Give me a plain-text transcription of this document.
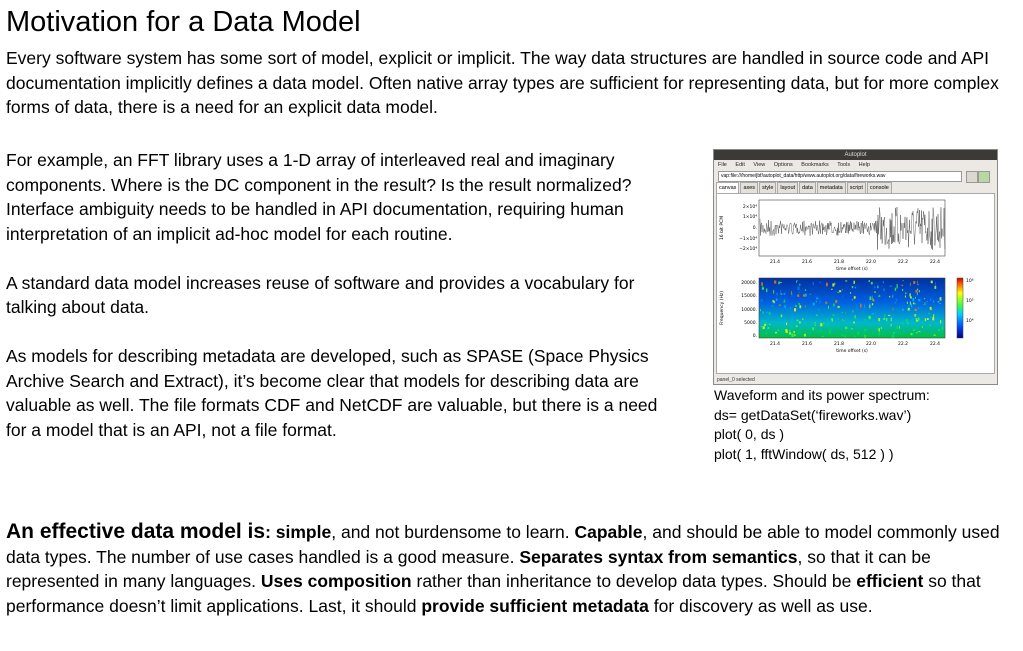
Motivation for a Data Model

Every software system has some sort of model, explicit or implicit. The way data structures are handled in source code and API documentation implicitly defines a data model. Often native array types are sufficient for representing data, but for more complex forms of data, there is a need for an explicit data model.

For example, an FFT library uses a 1-D array of interleaved real and imaginary components. Where is the DC component in the result? Is the result normalized? Interface ambiguity needs to be handled in API documentation, requiring human interpretation of an implicit ad-hoc model for each routine.

A standard data model increases reuse of software and provides a vocabulary for talking about data.

As models for describing metadata are developed, such as SPASE (Space Physics Archive Search and Extract), it’s become clear that models for describing data are valuable as well. The file formats CDF and NetCDF are valuable, but there is a need for a model that is an API, not a file format.

Autoplot
File Edit View Options Bookmarks Tools Help
vap:file:///home/jbf/autoplot_data/http/www.autoplot.org/data/fireworks.wav
canvas axes style layout data metadata script console
16 bit PCM
2×10⁴
1×10⁴
0.
−1×10⁴
−2×10⁴
21.4	21.6	21.8	22.0	22.2	22.4
time offset (s)
Frequency (Hz)
20000.
15000.
10000.
5000.
0.
21.4	21.6	21.8	22.0	22.2	22.4
time offset (s)
10⁶
10⁵
10⁴
panel_0 selected
Waveform and its power spectrum:
ds= getDataSet(‘fireworks.wav’)
plot( 0, ds )
plot( 1, fftWindow( ds, 512 ) )

An effective data model is: simple, and not burdensome to learn. Capable, and should be able to model commonly used data types. The number of use cases handled is a good measure. Separates syntax from semantics, so that it can be represented in many languages. Uses composition rather than inheritance to develop data types. Should be efficient so that performance doesn’t limit applications. Last, it should provide sufficient metadata for discovery as well as use.
